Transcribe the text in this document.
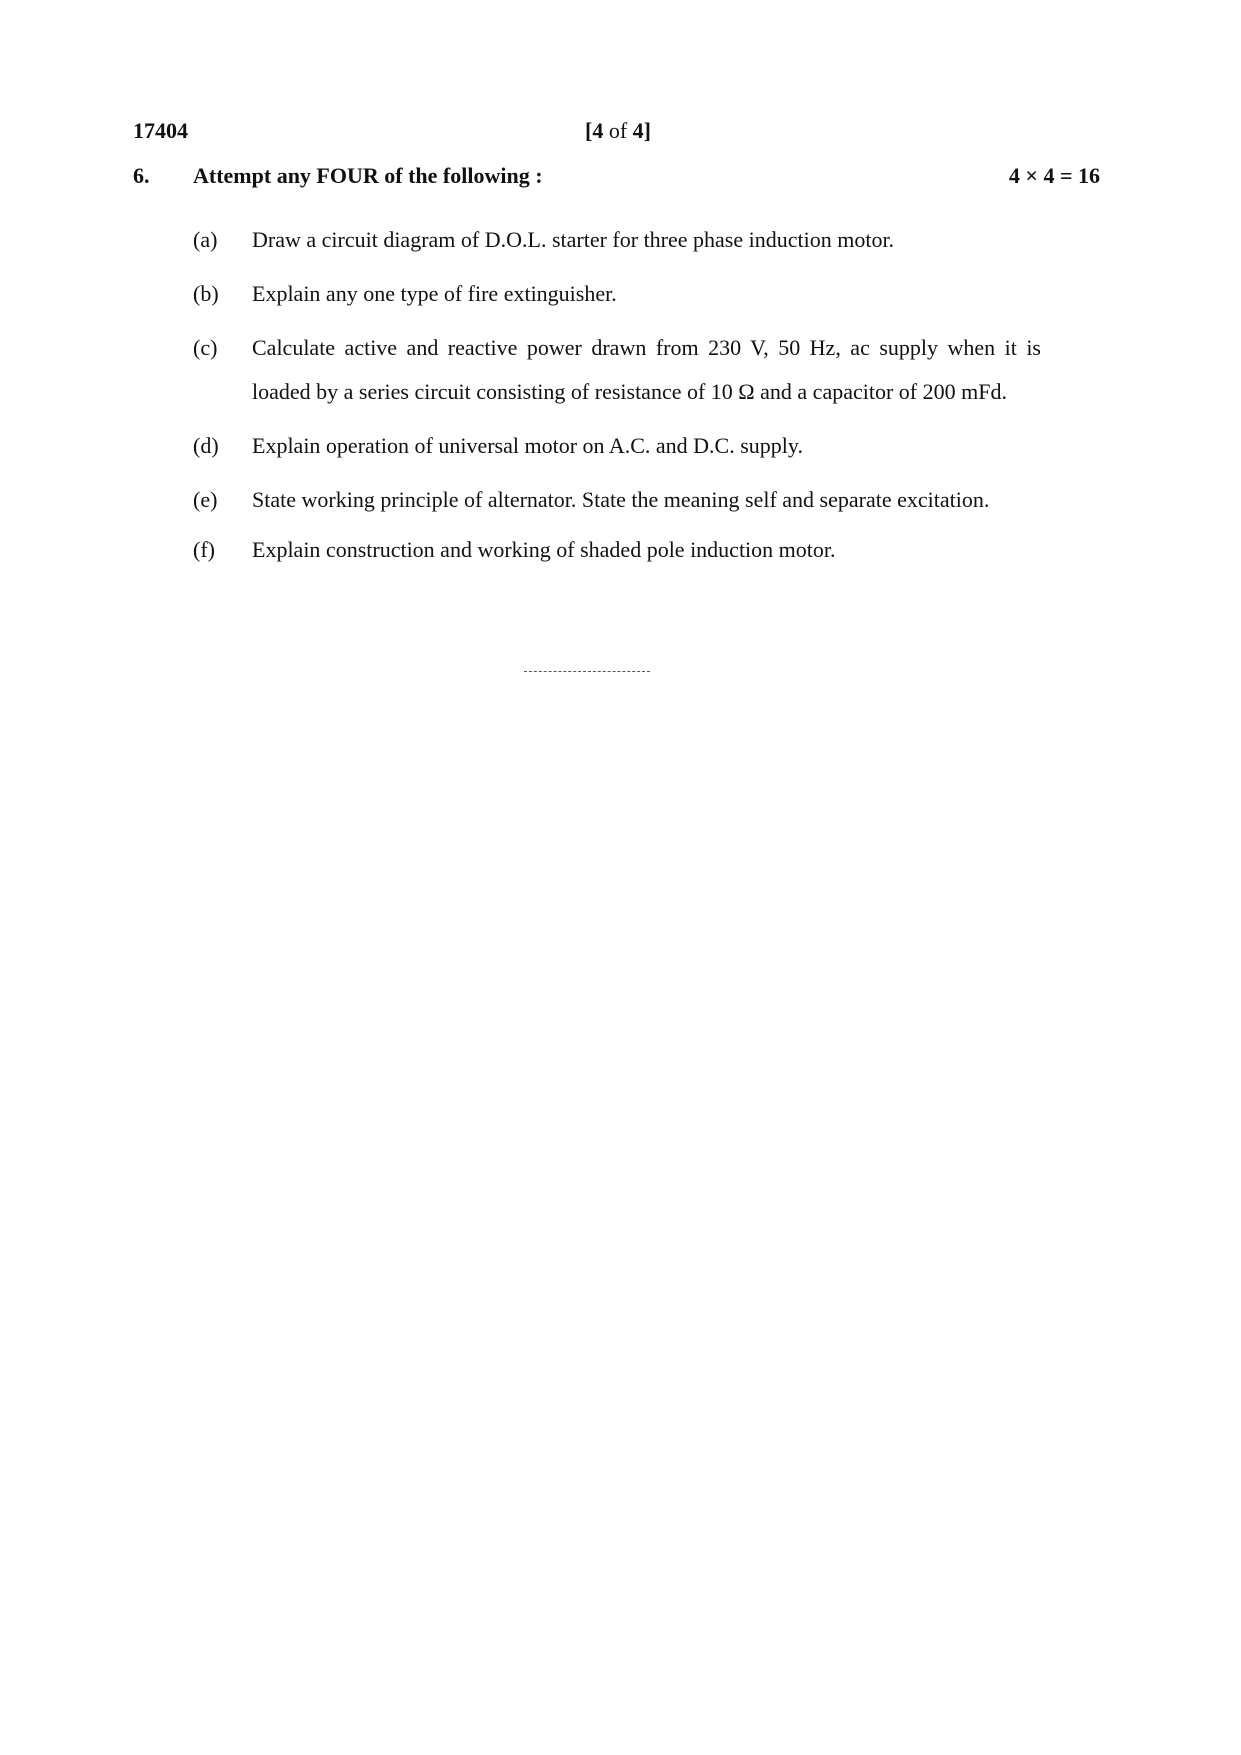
17404	[4 of 4]
6. Attempt any FOUR of the following :	4 × 4 = 16
(a)	Draw a circuit diagram of D.O.L. starter for three phase induction motor.
(b)	Explain any one type of fire extinguisher.
(c)	Calculate active and reactive power drawn from 230 V, 50 Hz, ac supply when it is loaded by a series circuit consisting of resistance of 10 Ω and a capacitor of 200 mFd.
(d)	Explain operation of universal motor on A.C. and D.C. supply.
(e)	State working principle of alternator. State the meaning self and separate excitation.
(f)	Explain construction and working of shaded pole induction motor.
